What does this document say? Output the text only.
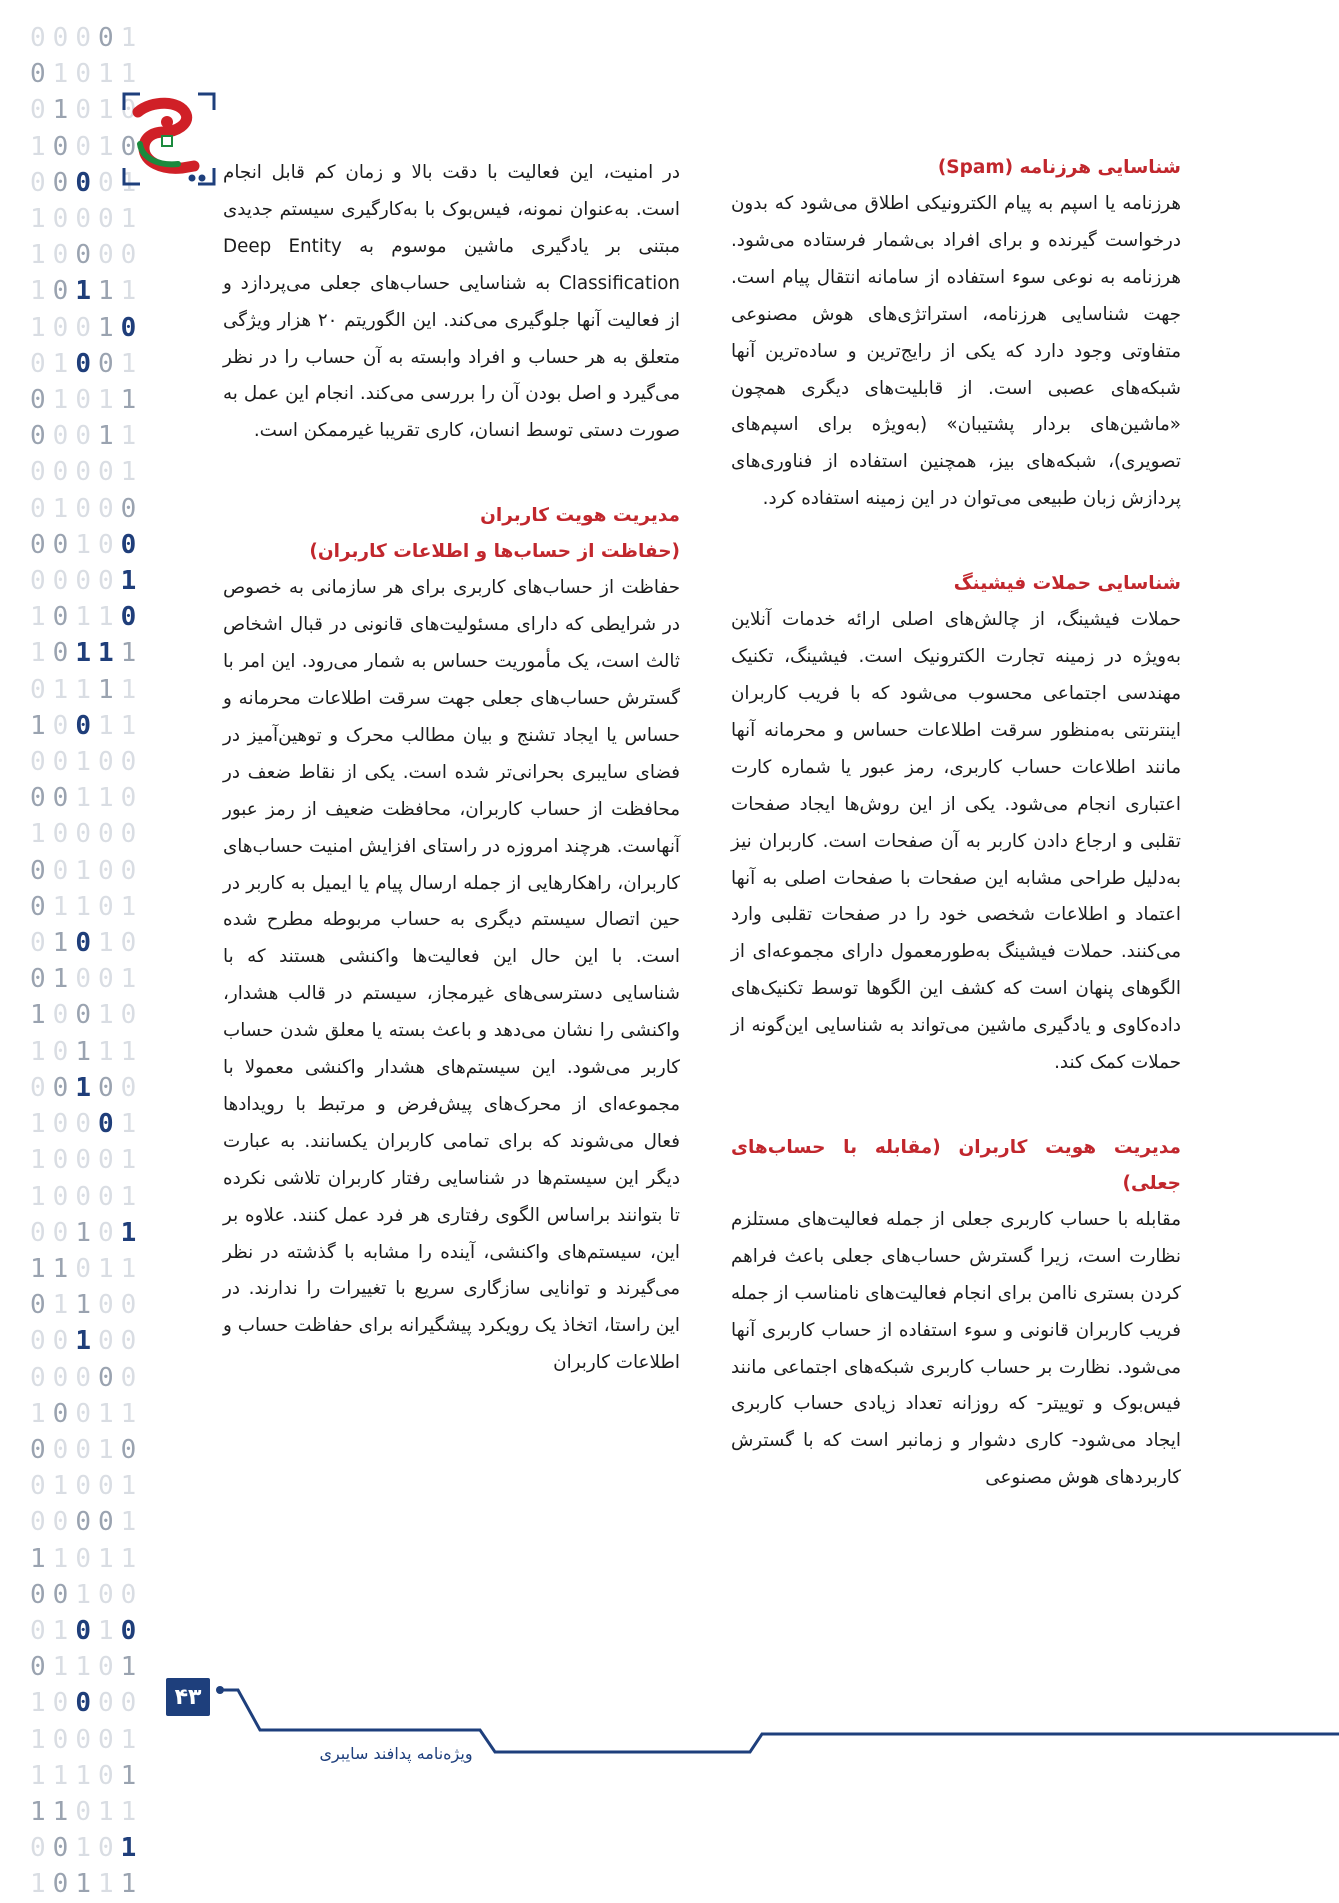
00001
01011
01010
10010
00001
10001
10000
10111
10010
01001
01011
00011
00001
01000
00100
00001
10110
10111
01111
10011
00100
00110
10000
00100
01101
01010
01001
10010
10111
00100
10001
10001
10001
00101
11011
01100
00100
00000
10011
00010
01001
00001
11011
00100
01010
01101
10000
10001
11101
11011
00101
10111

شناسایی هرزنامه (Spam)

هرزنامه یا اسپم به پیام الکترونیکی اطلاق می‌شود که بدون درخواست گیرنده و برای افراد بی‌شمار فرستاده می‌شود. هرزنامه به نوعی سوء استفاده از سامانه انتقال پیام است. جهت شناسایی هرزنامه، استراتژی‌های هوش مصنوعی متفاوتی وجود دارد که یکی از رایج‌ترین و ساده‌ترین آنها شبکه‌های عصبی است. از قابلیت‌های دیگری همچون «ماشین‌های بردار پشتیبان» (به‌ویژه برای اسپم‌های تصویری)، شبکه‌های بیز، همچنین استفاده از فناوری‌های پردازش زبان طبیعی می‌توان در این زمینه استفاده کرد.

شناسایی حملات فیشینگ

حملات فیشینگ، از چالش‌های اصلی ارائه خدمات آنلاین به‌ویژه در زمینه تجارت الکترونیک است. فیشینگ، تکنیک مهندسی اجتماعی محسوب می‌شود که با فریب کاربران اینترنتی به‌منظور سرقت اطلاعات حساس و محرمانه آنها مانند اطلاعات حساب کاربری، رمز عبور یا شماره کارت اعتباری انجام می‌شود. یکی از این روش‌ها ایجاد صفحات تقلبی و ارجاع دادن کاربر به آن صفحات است. کاربران نیز به‌دلیل طراحی مشابه این صفحات با صفحات اصلی به آنها اعتماد و اطلاعات شخصی خود را در صفحات تقلبی وارد می‌کنند. حملات فیشینگ به‌طورمعمول دارای مجموعه‌ای از الگوهای پنهان است که کشف این الگوها توسط تکنیک‌های داده‌کاوی و یادگیری ماشین می‌تواند به شناسایی این‌گونه از حملات کمک کند.

مدیریت هویت کاربران (مقابله با حساب‌های جعلی)

مقابله با حساب کاربری جعلی از جمله فعالیت‌های مستلزم نظارت است، زیرا گسترش حساب‌های جعلی باعث فراهم کردن بستری ناامن برای انجام فعالیت‌های نامناسب از جمله فریب کاربران قانونی و سوء استفاده از حساب کاربری آنها می‌شود. نظارت بر حساب کاربری شبکه‌های اجتماعی مانند فیس‌بوک و توییتر- که روزانه تعداد زیادی حساب کاربری ایجاد می‌شود- کاری دشوار و زمانبر است که با گسترش کاربردهای هوش مصنوعی

در امنیت، این فعالیت با دقت بالا و زمان کم قابل انجام است. به‌عنوان نمونه، فیس‌بوک با به‌کارگیری سیستم جدیدی مبتنی بر یادگیری ماشین موسوم به Deep Entity Classification به شناسایی حساب‌های جعلی می‌پردازد و از فعالیت آنها جلوگیری می‌کند. این الگوریتم ۲۰ هزار ویژگی متعلق به هر حساب و افراد وابسته به آن حساب را در نظر می‌گیرد و اصل بودن آن را بررسی می‌کند. انجام این عمل به صورت دستی توسط انسان، کاری تقریبا غیرممکن است.

مدیریت هویت کاربران

(حفاظت از حساب‌ها و اطلاعات کاربران)

حفاظت از حساب‌های کاربری برای هر سازمانی به خصوص در شرایطی که دارای مسئولیت‌های قانونی در قبال اشخاص ثالث است، یک مأموریت حساس به شمار می‌رود. این امر با گسترش حساب‌های جعلی جهت سرقت اطلاعات محرمانه و حساس یا ایجاد تشنج و بیان مطالب محرک و توهین‌آمیز در فضای سایبری بحرانی‌تر شده است. یکی از نقاط ضعف در محافظت از حساب کاربران، محافظت ضعیف از رمز عبور آنهاست. هرچند امروزه در راستای افزایش امنیت حساب‌های کاربران، راهکارهایی از جمله ارسال پیام یا ایمیل به کاربر در حین اتصال سیستم دیگری به حساب مربوطه مطرح شده است. با این حال این فعالیت‌ها واکنشی هستند که با شناسایی دسترسی‌های غیرمجاز، سیستم در قالب هشدار، واکنشی را نشان می‌دهد و باعث بسته یا معلق شدن حساب کاربر می‌شود. این سیستم‌های هشدار واکنشی معمولا با مجموعه‌ای از محرک‌های پیش‌فرض و مرتبط با رویدادها فعال می‌شوند که برای تمامی کاربران یکسانند. به عبارت دیگر این سیستم‌ها در شناسایی رفتار کاربران تلاشی نکرده تا بتوانند براساس الگوی رفتاری هر فرد عمل کنند. علاوه بر این، سیستم‌های واکنشی، آینده را مشابه با گذشته در نظر می‌گیرند و توانایی سازگاری سریع با تغییرات را ندارند. در این راستا، اتخاذ یک رویکرد پیشگیرانه برای حفاظت حساب و اطلاعات کاربران

۴۳
ویژه‌نامه پدافند سایبری
